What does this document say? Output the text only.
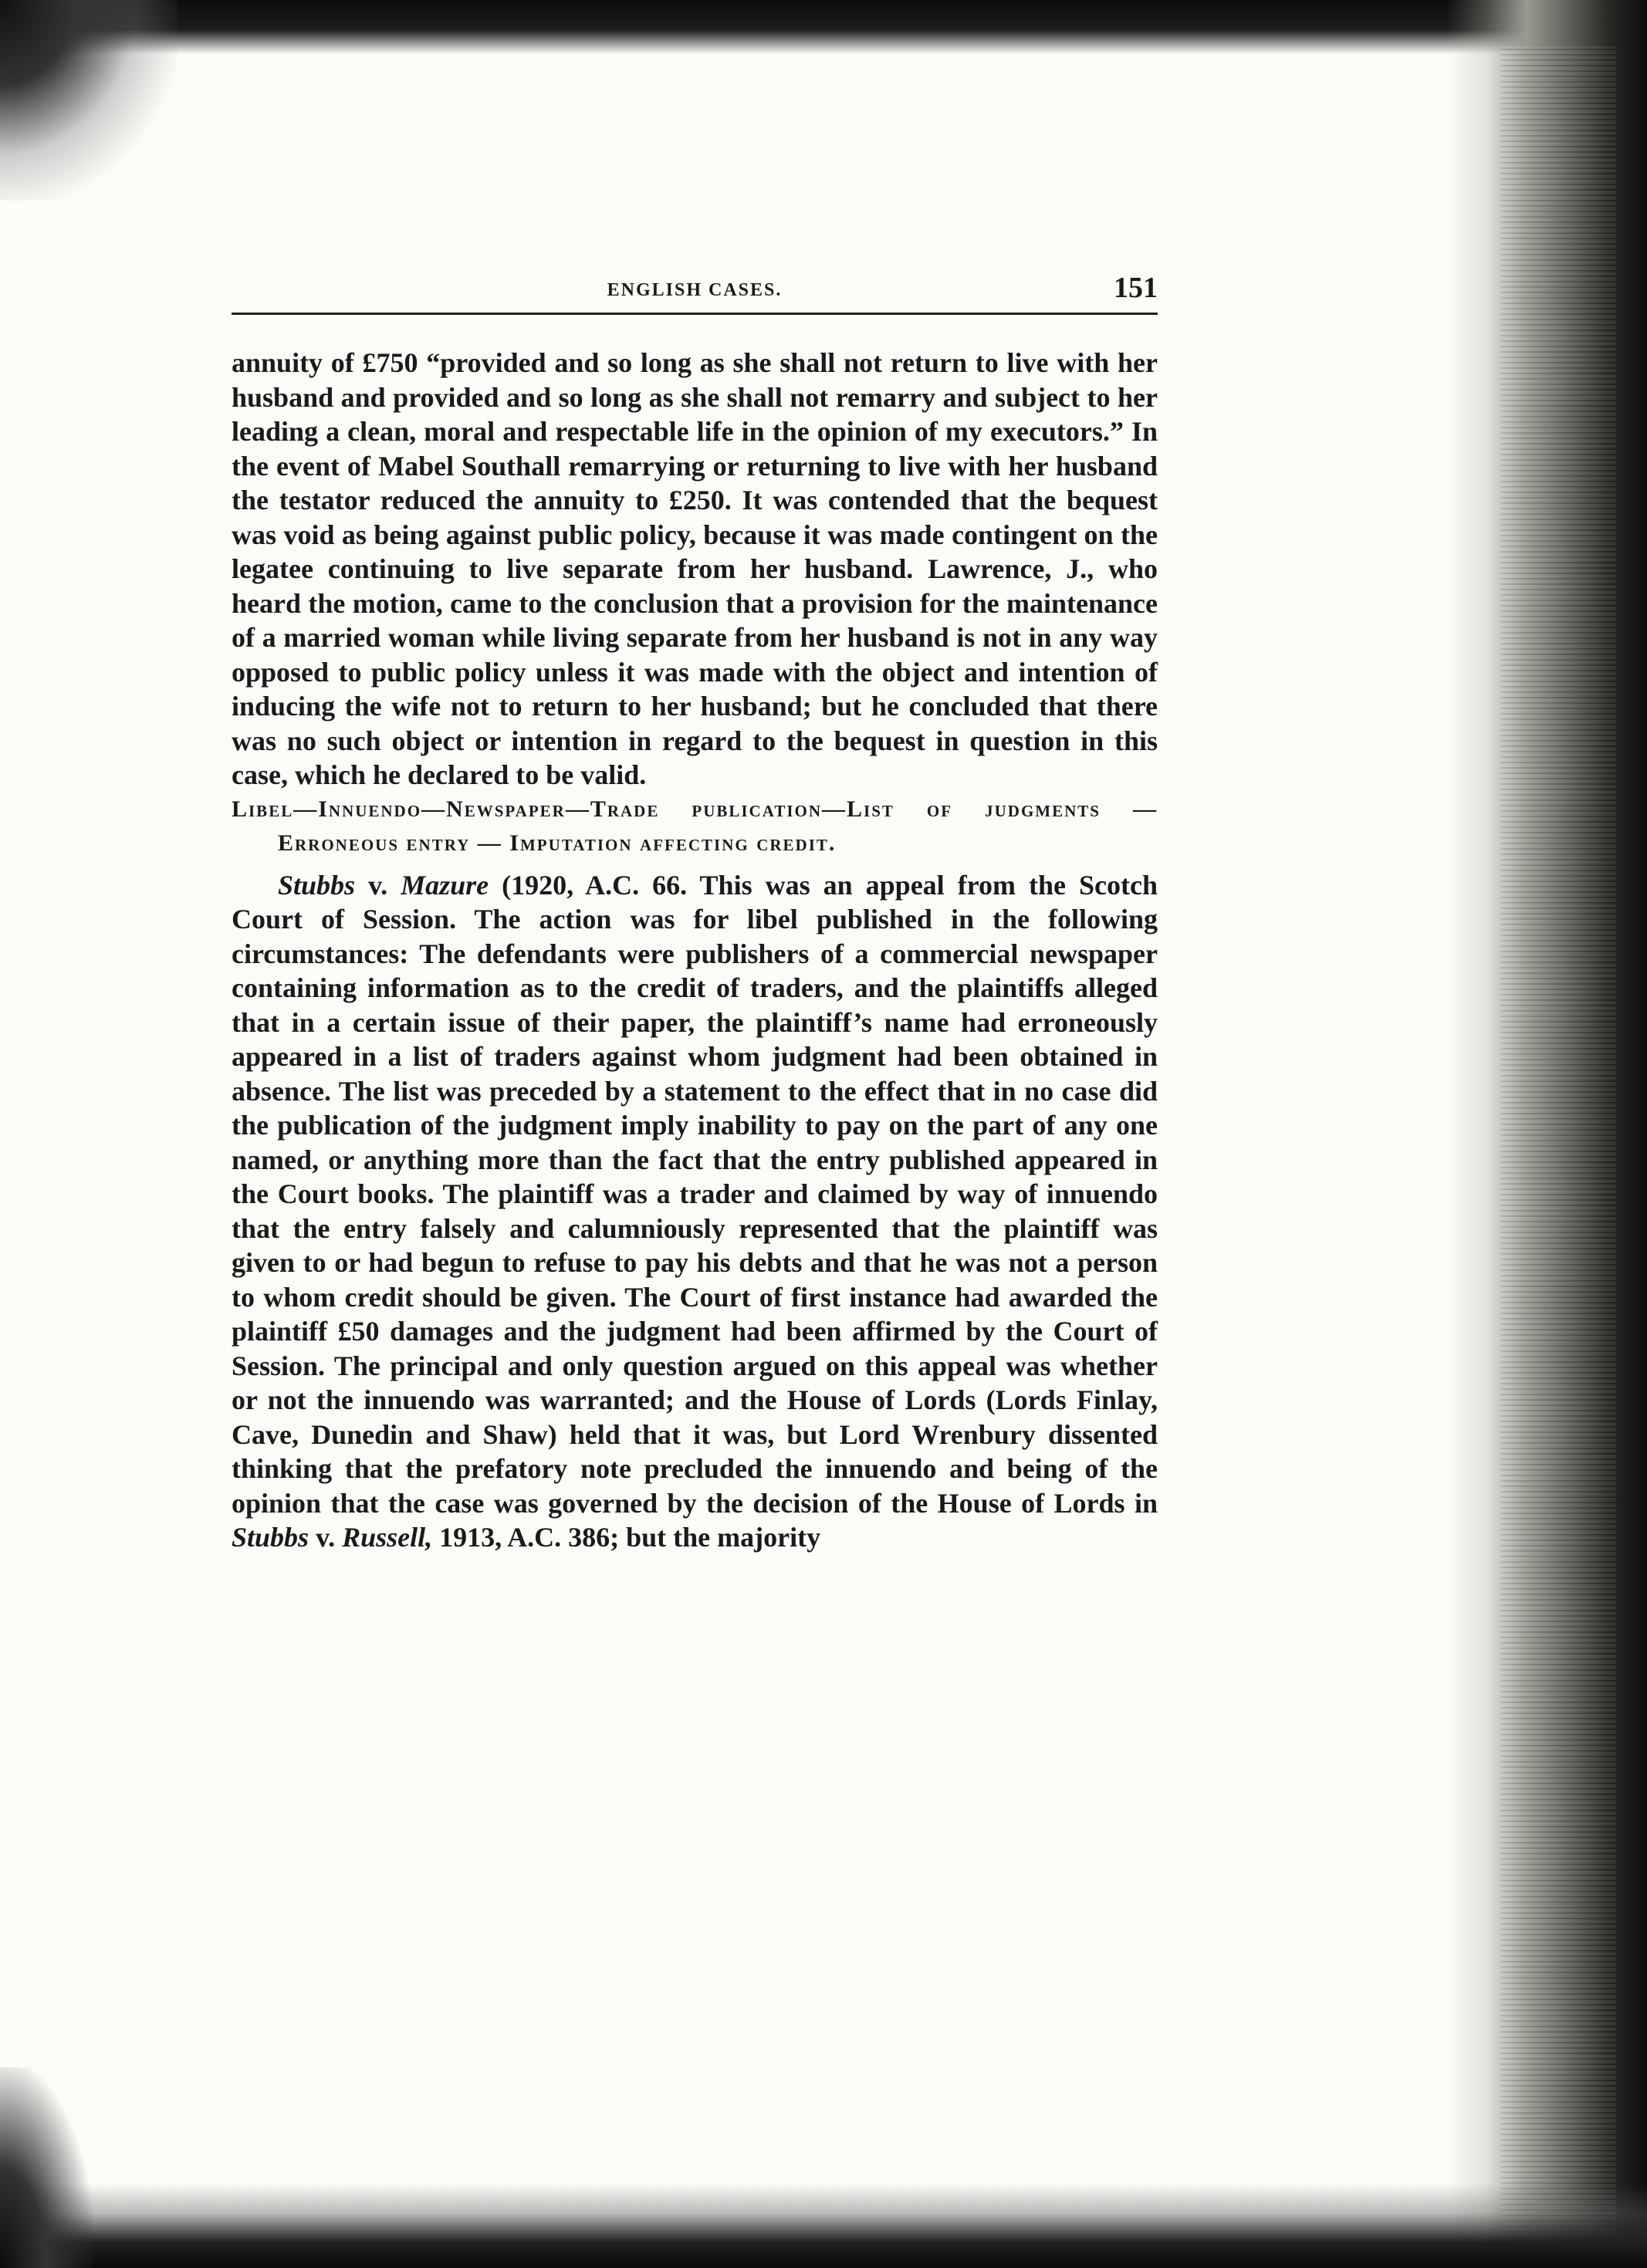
ENGLISH CASES.	151

annuity of £750 “provided and so long as she shall not return to live with her husband and provided and so long as she shall not remarry and subject to her leading a clean, moral and respectable life in the opinion of my executors.” In the event of Mabel Southall remarrying or returning to live with her husband the testator reduced the annuity to £250. It was contended that the bequest was void as being against public policy, because it was made contingent on the legatee continuing to live separate from her husband. Lawrence, J., who heard the motion, came to the conclusion that a provision for the maintenance of a married woman while living separate from her husband is not in any way opposed to public policy unless it was made with the object and intention of inducing the wife not to return to her husband; but he concluded that there was no such object or intention in regard to the bequest in question in this case, which he declared to be valid.

Libel—Innuendo—Newspaper—Trade publication—List of judgments — Erroneous entry — Imputation affecting credit.

Stubbs v. Mazure (1920, A.C. 66. This was an appeal from the Scotch Court of Session. The action was for libel published in the following circumstances: The defendants were publishers of a commercial newspaper containing information as to the credit of traders, and the plaintiffs alleged that in a certain issue of their paper, the plaintiff’s name had erroneously appeared in a list of traders against whom judgment had been obtained in absence. The list was preceded by a statement to the effect that in no case did the publication of the judgment imply inability to pay on the part of any one named, or anything more than the fact that the entry published appeared in the Court books. The plaintiff was a trader and claimed by way of innuendo that the entry falsely and calumniously represented that the plaintiff was given to or had begun to refuse to pay his debts and that he was not a person to whom credit should be given. The Court of first instance had awarded the plaintiff £50 damages and the judgment had been affirmed by the Court of Session. The principal and only question argued on this appeal was whether or not the innuendo was warranted; and the House of Lords (Lords Finlay, Cave, Dunedin and Shaw) held that it was, but Lord Wrenbury dissented thinking that the prefatory note precluded the innuendo and being of the opinion that the case was governed by the decision of the House of Lords in Stubbs v. Russell, 1913, A.C. 386; but the majority
